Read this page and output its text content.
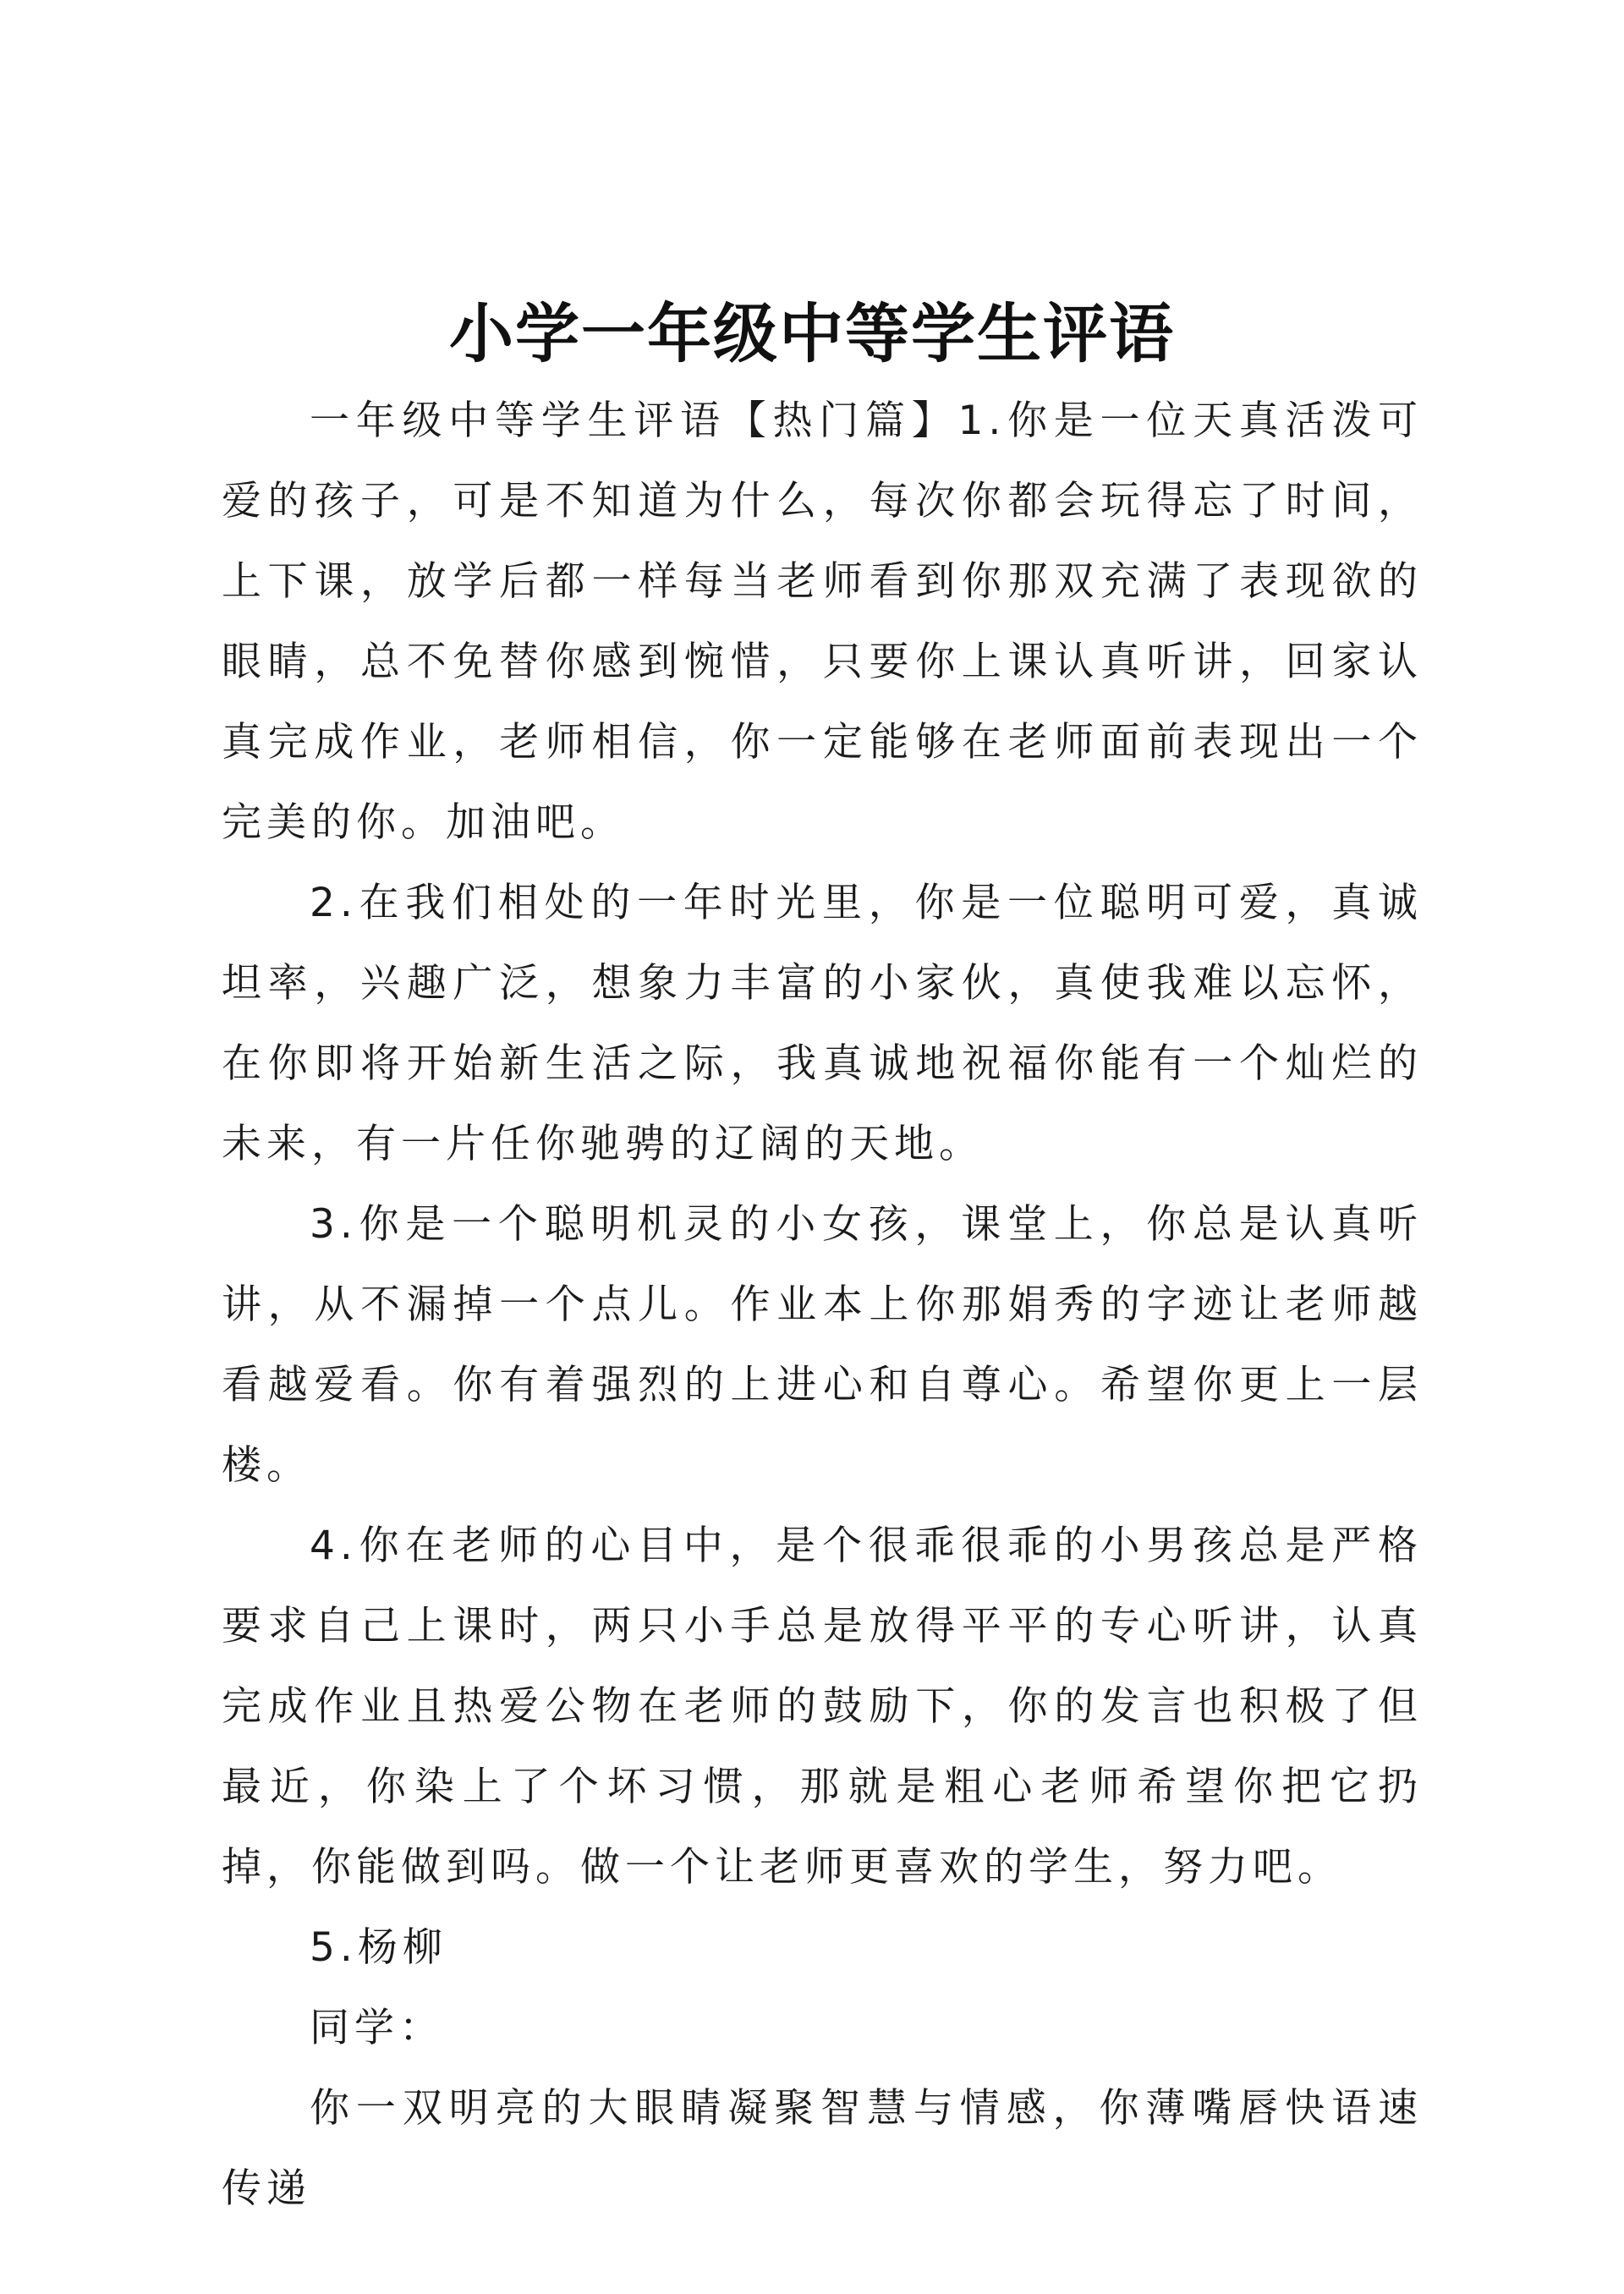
小学一年级中等学生评语

一年级中等学生评语【热门篇】1.你是一位天真活泼可爱的孩子，可是不知道为什么，每次你都会玩得忘了时间，上下课，放学后都一样每当老师看到你那双充满了表现欲的眼睛，总不免替你感到惋惜，只要你上课认真听讲，回家认真完成作业，老师相信，你一定能够在老师面前表现出一个完美的你。加油吧。

2.在我们相处的一年时光里，你是一位聪明可爱，真诚坦率，兴趣广泛，想象力丰富的小家伙，真使我难以忘怀，在你即将开始新生活之际，我真诚地祝福你能有一个灿烂的未来，有一片任你驰骋的辽阔的天地。

3.你是一个聪明机灵的小女孩，课堂上，你总是认真听讲，从不漏掉一个点儿。作业本上你那娟秀的字迹让老师越看越爱看。你有着强烈的上进心和自尊心。希望你更上一层楼。

4.你在老师的心目中，是个很乖很乖的小男孩总是严格要求自己上课时，两只小手总是放得平平的专心听讲，认真完成作业且热爱公物在老师的鼓励下，你的发言也积极了但最近，你染上了个坏习惯，那就是粗心老师希望你把它扔掉，你能做到吗。做一个让老师更喜欢的学生，努力吧。

5.杨柳

同学：

你一双明亮的大眼睛凝聚智慧与情感，你薄嘴唇快语速传递
